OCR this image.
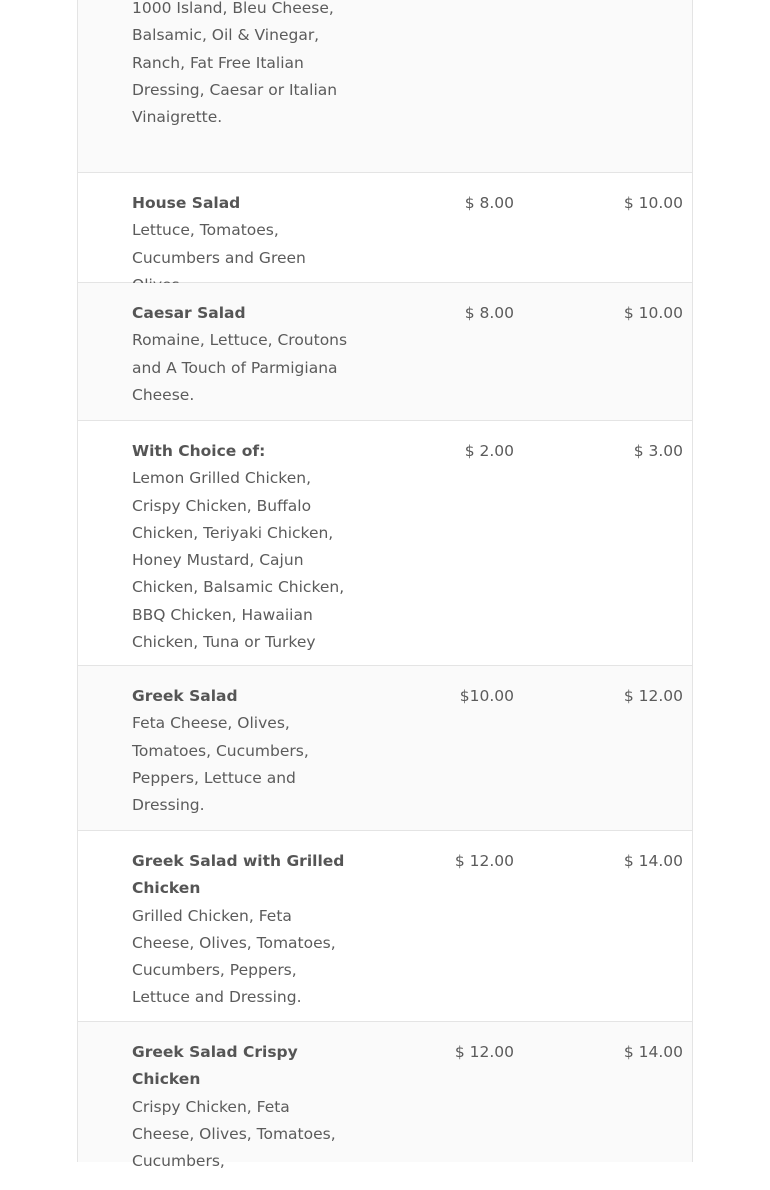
1000 Island, Bleu Cheese, Balsamic, Oil & Vinegar, Ranch, Fat Free Italian Dressing, Caesar or Italian Vinaigrette.
House Salad
Lettuce, Tomatoes, Cucumbers and Green
$ 8.00	$ 10.00
Caesar Salad
Romaine, Lettuce, Croutons and A Touch of Parmigiana Cheese.
$ 8.00	$ 10.00
With Choice of:
Lemon Grilled Chicken, Crispy Chicken, Buffalo Chicken, Teriyaki Chicken, Honey Mustard, Cajun Chicken, Balsamic Chicken, BBQ Chicken, Hawaiian Chicken, Tuna or Turkey
$ 2.00	$ 3.00
Greek Salad
Feta Cheese, Olives, Tomatoes, Cucumbers, Peppers, Lettuce and Dressing.
$10.00	$ 12.00
Greek Salad with Grilled Chicken
Grilled Chicken, Feta Cheese, Olives, Tomatoes, Cucumbers, Peppers, Lettuce and Dressing.
$ 12.00	$ 14.00
Greek Salad Crispy Chicken
Crispy Chicken, Feta Cheese, Olives, Tomatoes, Cucumbers,
$ 12.00	$ 14.00
